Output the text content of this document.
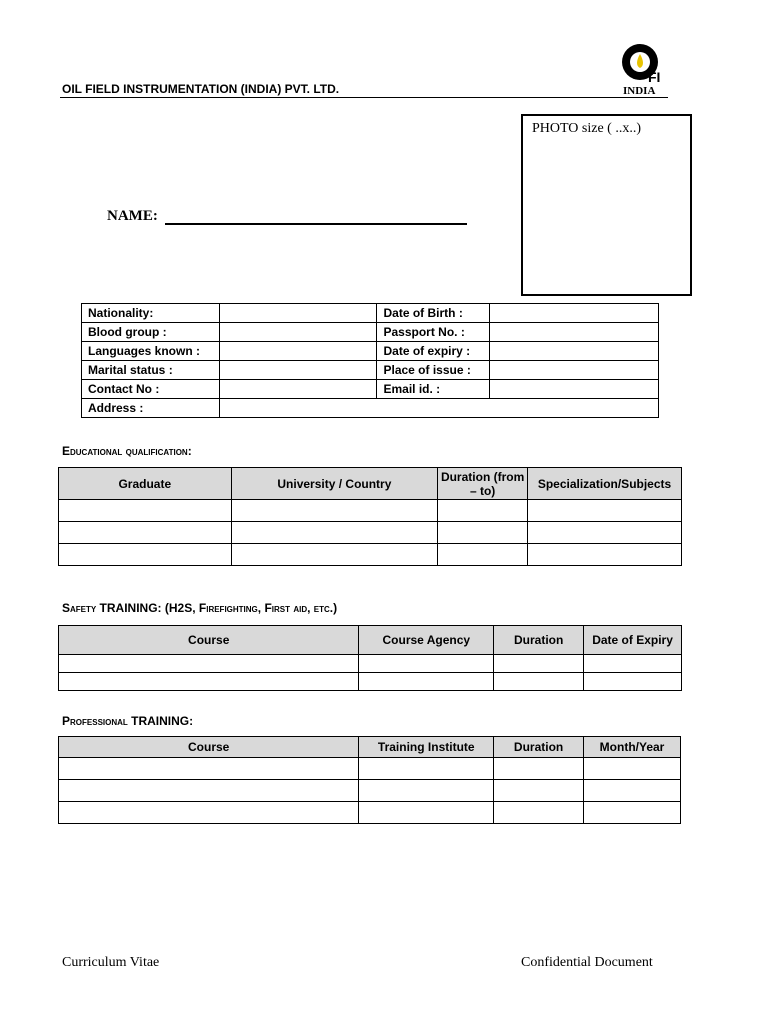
OIL FIELD INSTRUMENTATION (INDIA) PVT. LTD.
FI
INDIA
PHOTO size ( ..x..)
NAME:
Nationality:		Date of Birth :	
Blood group :		Passport No. :	
Languages known :		Date of expiry :	
Marital status :		Place of issue :	
Contact No :		Email id. :	
Address :			
Educational qualification:
Graduate	University / Country	Duration (from – to)	Specialization/Subjects

Safety TRAINING: (H2S, Firefighting, First aid, etc.)
Course	Course Agency	Duration	Date of Expiry

Professional TRAINING:
Course	Training Institute	Duration	Month/Year

Curriculum Vitae	Confidential Document
